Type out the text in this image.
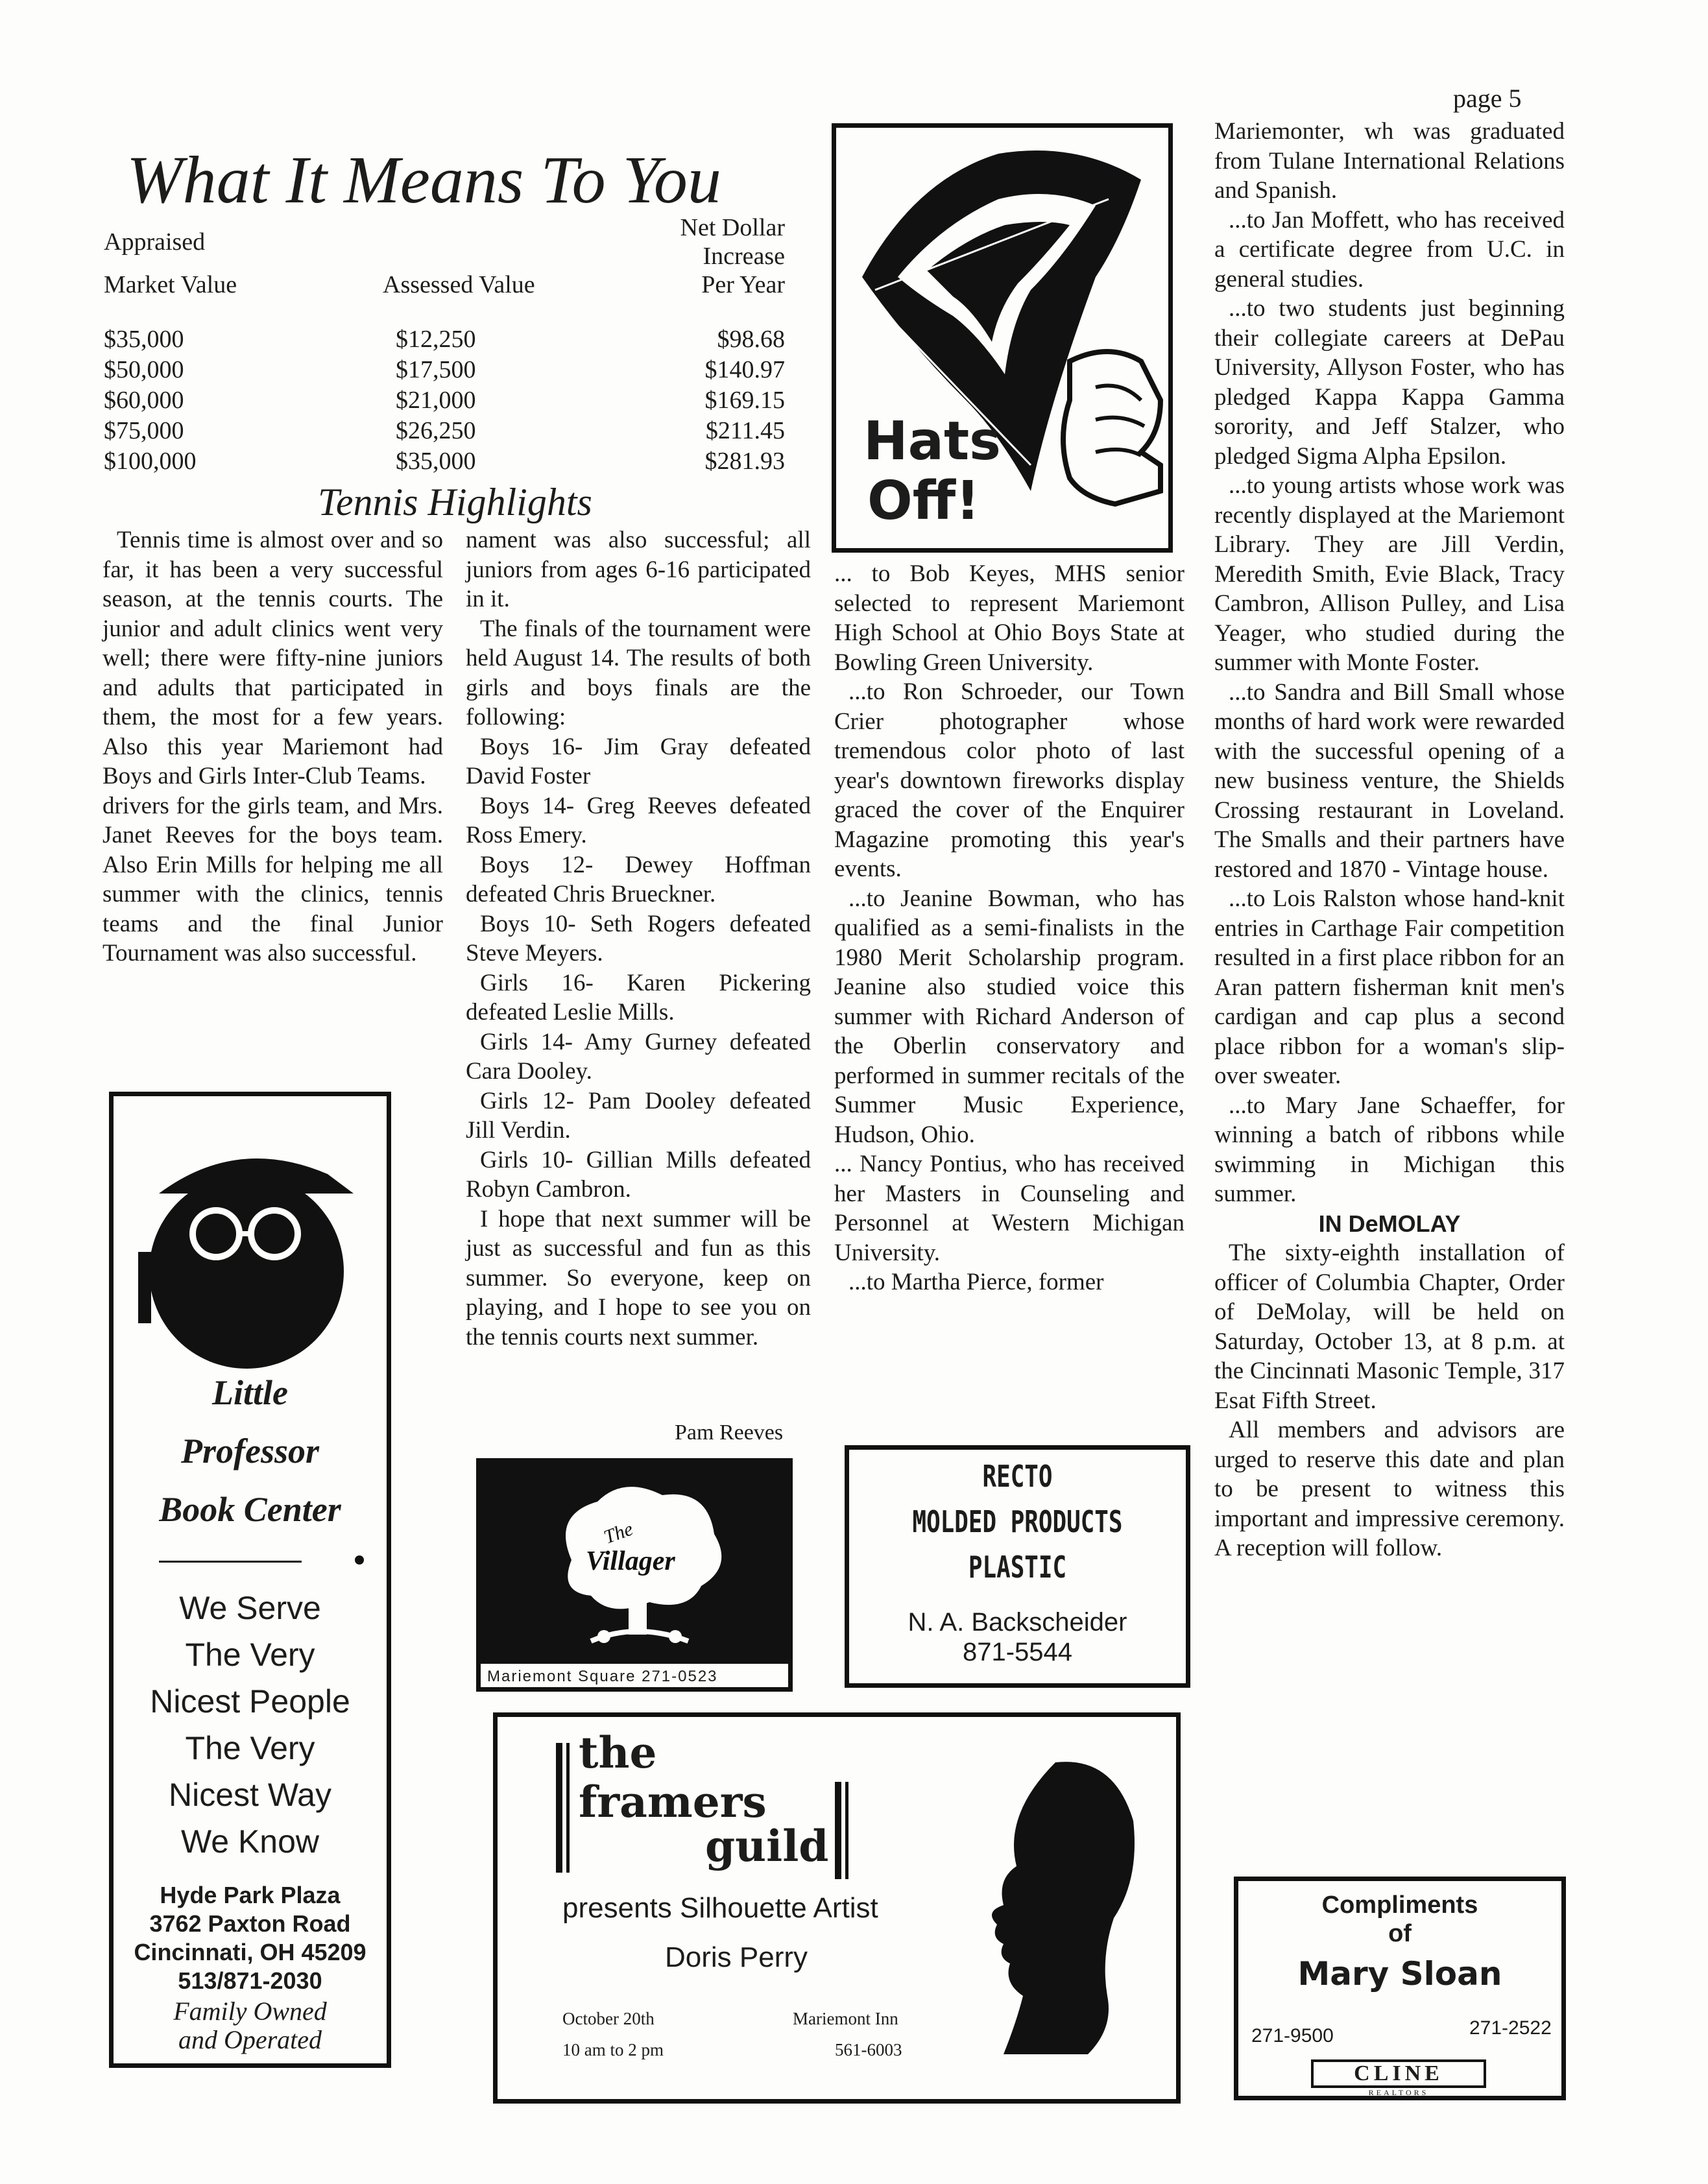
page 5
What It Means To You
Appraised
Market Value	Assessed Value
Net Dollar
Increase
Per Year
$35,000	$12,250	$98.68
$50,000	$17,500	$140.97
$60,000	$21,000	$169.15
$75,000	$26,250	$211.45
$100,000	$35,000	$281.93
Tennis Highlights

Tennis time is almost over and so far, it has been a very successful season, at the tennis courts. The junior and adult clinics went very well; there were fifty-nine juniors and adults that participated in them, the most for a few years. Also this year Mariemont had Boys and Girls Inter-Club Teams.

drivers for the girls team, and Mrs. Janet Reeves for the boys team. Also Erin Mills for helping me all summer with the clinics, tennis teams and the final Junior Tournament was also successful.

nament was also successful; all juniors from ages 6-16 participated in it.

The finals of the tournament were held August 14. The results of both girls and boys finals are the following:

Boys 16- Jim Gray defeated David Foster

Boys 14- Greg Reeves defeated Ross Emery.

Boys 12- Dewey Hoffman defeated Chris Brueckner.

Boys 10- Seth Rogers defeated Steve Meyers.

Girls 16- Karen Pickering defeated Leslie Mills.

Girls 14- Amy Gurney defeated Cara Dooley.

Girls 12- Pam Dooley defeated Jill Verdin.

Girls 10- Gillian Mills defeated Robyn Cambron.

I hope that next summer will be just as successful and fun as this summer. So everyone, keep on playing, and I hope to see you on the tennis courts next summer.

Pam Reeves
Hats
Off!

... to Bob Keyes, MHS senior selected to represent Mariemont High School at Ohio Boys State at Bowling Green University.

...to Ron Schroeder, our Town Crier photographer whose tremendous color photo of last year's downtown fireworks display graced the cover of the Enquirer Magazine promoting this year's events.

...to Jeanine Bowman, who has qualified as a semi-finalists in the 1980 Merit Scholarship program. Jeanine also studied voice this summer with Richard Anderson of the Oberlin conservatory and performed in summer recitals of the Summer Music Experience, Hudson, Ohio.

... Nancy Pontius, who has received her Masters in Counseling and Personnel at Western Michigan University.

...to Martha Pierce, former

Mariemonter, wh was graduated from Tulane International Relations and Spanish.

...to Jan Moffett, who has received a certificate degree from U.C. in general studies.

...to two students just beginning their collegiate careers at DePau University, Allyson Foster, who has pledged Kappa Kappa Gamma sorority, and Jeff Stalzer, who pledged Sigma Alpha Epsilon.

...to young artists whose work was recently displayed at the Mariemont Library. They are Jill Verdin, Meredith Smith, Evie Black, Tracy Cambron, Allison Pulley, and Lisa Yeager, who studied during the summer with Monte Foster.

...to Sandra and Bill Small whose months of hard work were rewarded with the successful opening of a new business venture, the Shields Crossing restaurant in Loveland. The Smalls and their partners have restored and 1870 - Vintage house.

...to Lois Ralston whose hand-knit entries in Carthage Fair competition resulted in a first place ribbon for an Aran pattern fisherman knit men's cardigan and cap plus a second place ribbon for a woman's slip-over sweater.

...to Mary Jane Schaeffer, for winning a batch of ribbons while swimming in Michigan this summer.

IN DeMOLAY

The sixty-eighth installation of officer of Columbia Chapter, Order of DeMolay, will be held on Saturday, October 13, at 8 p.m. at the Cincinnati Masonic Temple, 317 Esat Fifth Street.

All members and advisors are urged to reserve this date and plan to be present to witness this important and impressive ceremony. A reception will follow.

Little
Professor
Book Center
We Serve
The Very
Nicest People
The Very
Nicest Way
We Know
Hyde Park Plaza
3762 Paxton Road
Cincinnati, OH 45209
513/871-2030
Family Owned
and Operated
The
Villager
Mariemont Square 271-0523
RECTO
MOLDED PRODUCTS
PLASTIC
N. A. Backscheider
871-5544
the
framers
guild
presents Silhouette Artist
Doris Perry
October 20th
10 am to 2 pm
Mariemont Inn
561-6003
Compliments
of
Mary Sloan
271-9500	271-2522
CLINE
REALTORS
